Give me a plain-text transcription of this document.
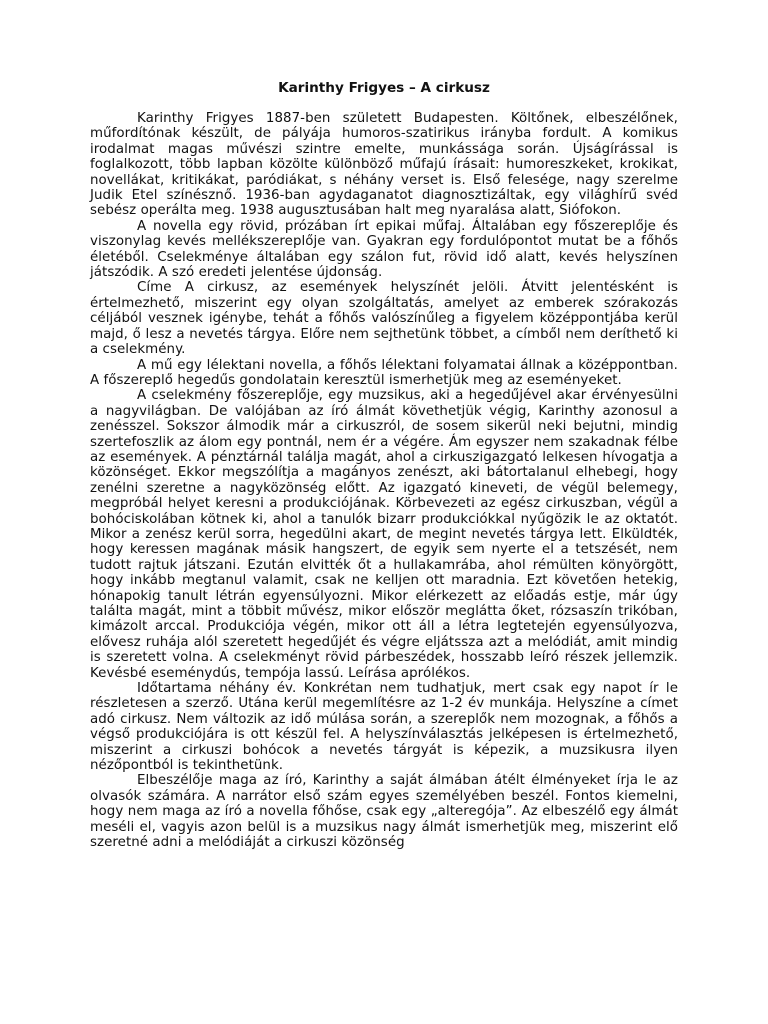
Karinthy Frigyes – A cirkusz

Karinthy Frigyes 1887-ben született Budapesten. Költőnek, elbeszélőnek, műfordítónak készült, de pályája humoros-szatirikus irányba fordult. A komikus irodalmat magas művészi szintre emelte, munkássága során. Újságírással is foglalkozott, több lapban közölte különböző műfajú írásait: humoreszkeket, krokikat, novellákat, kritikákat, paródiákat, s néhány verset is. Első felesége, nagy szerelme Judik Etel színésznő. 1936-ban agydaganatot diagnosztizáltak, egy világhírű svéd sebész operálta meg. 1938 augusztusában halt meg nyaralása alatt, Siófokon.

A novella egy rövid, prózában írt epikai műfaj. Általában egy főszereplője és viszonylag kevés mellékszereplője van. Gyakran egy fordulópontot mutat be a főhős életéből. Cselekménye általában egy szálon fut, rövid idő alatt, kevés helyszínen játszódik. A szó eredeti jelentése újdonság.

Címe A cirkusz, az események helyszínét jelöli. Átvitt jelentésként is értelmezhető, miszerint egy olyan szolgáltatás, amelyet az emberek szórakozás céljából vesznek igénybe, tehát a főhős valószínűleg a figyelem középpontjába kerül majd, ő lesz a nevetés tárgya. Előre nem sejthetünk többet, a címből nem deríthető ki a cselekmény.

A mű egy lélektani novella, a főhős lélektani folyamatai állnak a középpontban. A főszereplő hegedűs gondolatain keresztül ismerhetjük meg az eseményeket.

A cselekmény főszereplője, egy muzsikus, aki a hegedűjével akar érvényesülni a nagyvilágban. De valójában az író álmát követhetjük végig, Karinthy azonosul a zenésszel. Sokszor álmodik már a cirkuszról, de sosem sikerül neki bejutni, mindig szertefoszlik az álom egy pontnál, nem ér a végére. Ám egyszer nem szakadnak félbe az események. A pénztárnál találja magát, ahol a cirkuszigazgató lelkesen hívogatja a közönséget. Ekkor megszólítja a magányos zenészt, aki bátortalanul elhebegi, hogy zenélni szeretne a nagyközönség előtt. Az igazgató kineveti, de végül belemegy, megpróbál helyet keresni a produkciójának. Körbevezeti az egész cirkuszban, végül a bohóciskolában kötnek ki, ahol a tanulók bizarr produkciókkal nyűgözik le az oktatót. Mikor a zenész kerül sorra, hegedülni akart, de megint nevetés tárgya lett. Elküldték, hogy keressen magának másik hangszert, de egyik sem nyerte el a tetszését, nem tudott rajtuk játszani. Ezután elvitték őt a hullakamrába, ahol rémülten könyörgött, hogy inkább megtanul valamit, csak ne kelljen ott maradnia. Ezt követően hetekig, hónapokig tanult létrán egyensúlyozni. Mikor elérkezett az előadás estje, már úgy találta magát, mint a többit művész, mikor először meglátta őket, rózsaszín trikóban, kimázolt arccal. Produkciója végén, mikor ott áll a létra legtetején egyensúlyozva, elővesz ruhája alól szeretett hegedűjét és végre eljátssza azt a melódiát, amit mindig is szeretett volna. A cselekményt rövid párbeszédek, hosszabb leíró részek jellemzik. Kevésbé eseménydús, tempója lassú. Leírása aprólékos.

Időtartama néhány év. Konkrétan nem tudhatjuk, mert csak egy napot ír le részletesen a szerző. Utána kerül megemlítésre az 1-2 év munkája. Helyszíne a címet adó cirkusz. Nem változik az idő múlása során, a szereplők nem mozognak, a főhős a végső produkciójára is ott készül fel. A helyszínválasztás jelképesen is értelmezhető, miszerint a cirkuszi bohócok a nevetés tárgyát is képezik, a muzsikusra ilyen nézőpontból is tekinthetünk.

Elbeszélője maga az író, Karinthy a saját álmában átélt élményeket írja le az olvasók számára. A narrátor első szám egyes személyében beszél. Fontos kiemelni, hogy nem maga az író a novella főhőse, csak egy „alteregója”. Az elbeszélő egy álmát meséli el, vagyis azon belül is a muzsikus nagy álmát ismerhetjük meg, miszerint elő szeretné adni a melódiáját a cirkuszi közönség
